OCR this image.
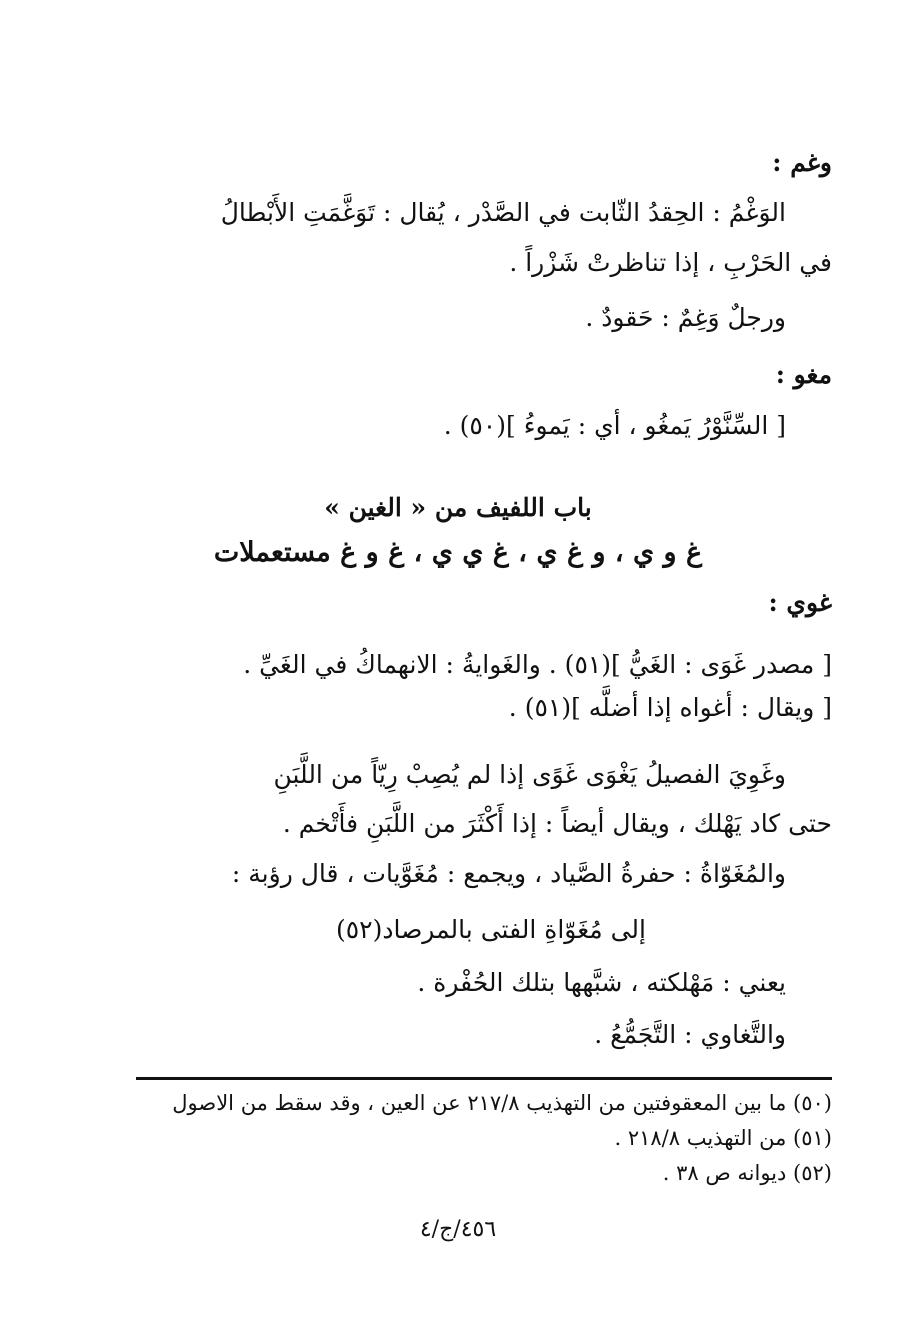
وغم :
الوَغْمُ : الحِقدُ الثّابت في الصَّدْر ، يُقال : تَوَغَّمَتِ الأَبْطالُ
في الحَرْبِ ، إذا تناظرتْ شَزْراً .
ورجلٌ وَغِمٌ : حَقودٌ .
مغو :
[ السِّنَّوْرُ يَمغُو ، أي : يَموءُ ](٥٠) .
باب اللفيف من « الغين »
غ و ي ، و غ ي ، غ ي ي ، غ و غ مستعملات
غوي :
[ مصدر غَوَى : الغَيُّ ](٥١) . والغَوايةُ : الانهماكُ في الغَيِّ .
[ ويقال : أغواه إذا أضلَّه ](٥١) .
وغَوِيَ الفصيلُ يَغْوَى غَوًى إذا لم يُصِبْ رِيّاً من اللَّبَنِ
حتى كاد يَهْلك ، ويقال أيضاً : إذا أَكْثَرَ من اللَّبَنِ فأَتْخم .
والمُغَوّاةُ : حفرةُ الصَّياد ، ويجمع : مُغَوَّيات ، قال رؤبة :
إلى مُغَوّاةِ الفتى بالمرصاد(٥٢)
يعني : مَهْلكته ، شبَّهها بتلك الحُفْرة .
والتَّغاوي : التَّجَمُّعُ .
(٥٠) ما بين المعقوفتين من التهذيب ٢١٧/٨ عن العين ، وقد سقط من الاصول
(٥١) من التهذيب ٢١٨/٨ .
(٥٢) ديوانه ص ٣٨ .
٤٥٦/ج/٤
